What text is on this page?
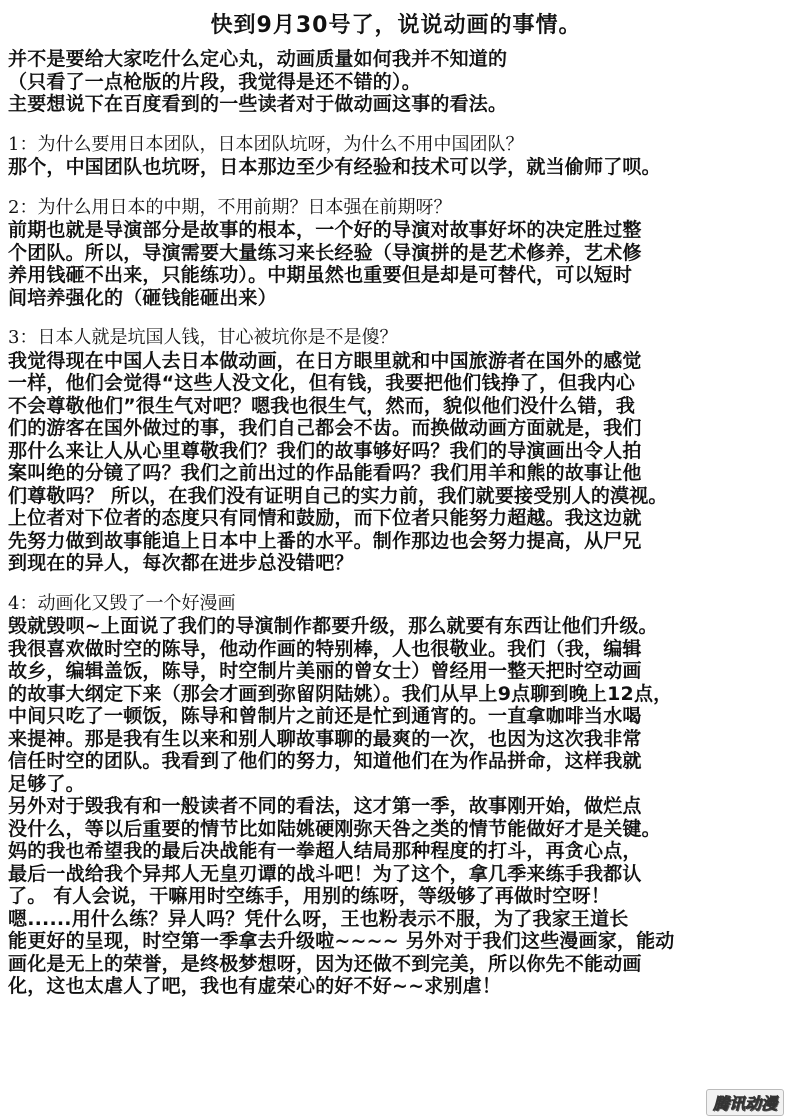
快到9月30号了，说说动画的事情。
并不是要给大家吃什么定心丸，动画质量如何我并不知道的
（只看了一点枪版的片段，我觉得是还不错的）。
主要想说下在百度看到的一些读者对于做动画这事的看法。
1：为什么要用日本团队，日本团队坑呀，为什么不用中国团队？
那个，中国团队也坑呀，日本那边至少有经验和技术可以学，就当偷师了呗。
2：为什么用日本的中期，不用前期？日本强在前期呀？
前期也就是导演部分是故事的根本，一个好的导演对故事好坏的决定胜过整
个团队。所以，导演需要大量练习来长经验（导演拼的是艺术修养，艺术修
养用钱砸不出来，只能练功）。中期虽然也重要但是却是可替代，可以短时
间培养强化的（砸钱能砸出来）
3：日本人就是坑国人钱，甘心被坑你是不是傻？
我觉得现在中国人去日本做动画，在日方眼里就和中国旅游者在国外的感觉
一样，他们会觉得“这些人没文化，但有钱，我要把他们钱挣了，但我内心
不会尊敬他们”很生气对吧？嗯我也很生气，然而，貌似他们没什么错，我
们的游客在国外做过的事，我们自己都会不齿。而换做动画方面就是，我们
那什么来让人从心里尊敬我们？我们的故事够好吗？我们的导演画出令人拍
案叫绝的分镜了吗？我们之前出过的作品能看吗？我们用羊和熊的故事让他
们尊敬吗？ 所以，在我们没有证明自己的实力前，我们就要接受别人的漠视。
上位者对下位者的态度只有同情和鼓励，而下位者只能努力超越。我这边就
先努力做到故事能追上日本中上番的水平。制作那边也会努力提高，从尸兄
到现在的异人，每次都在进步总没错吧？
4：动画化又毁了一个好漫画
毁就毁呗~上面说了我们的导演制作都要升级，那么就要有东西让他们升级。
我很喜欢做时空的陈导，他动作画的特别棒，人也很敬业。我们（我，编辑
故乡，编辑盖饭，陈导，时空制片美丽的曾女士）曾经用一整天把时空动画
的故事大纲定下来（那会才画到弥留阴陆姚）。我们从早上9点聊到晚上12点，
中间只吃了一顿饭，陈导和曾制片之前还是忙到通宵的。一直拿咖啡当水喝
来提神。那是我有生以来和别人聊故事聊的最爽的一次，也因为这次我非常
信任时空的团队。我看到了他们的努力，知道他们在为作品拼命，这样我就
足够了。
另外对于毁我有和一般读者不同的看法，这才第一季，故事刚开始，做烂点
没什么，等以后重要的情节比如陆姚硬刚弥天咎之类的情节能做好才是关键。
妈的我也希望我的最后决战能有一拳超人结局那种程度的打斗，再贪心点，
最后一战给我个异邦人无皇刃谭的战斗吧！为了这个，拿几季来练手我都认
了。 有人会说，干嘛用时空练手，用别的练呀，等级够了再做时空呀！
嗯......用什么练？异人吗？凭什么呀，王也粉表示不服，为了我家王道长
能更好的呈现，时空第一季拿去升级啦~~~~ 另外对于我们这些漫画家，能动
画化是无上的荣誉，是终极梦想呀，因为还做不到完美，所以你先不能动画
化，这也太虐人了吧，我也有虚荣心的好不好~~求别虐！
腾讯动漫
